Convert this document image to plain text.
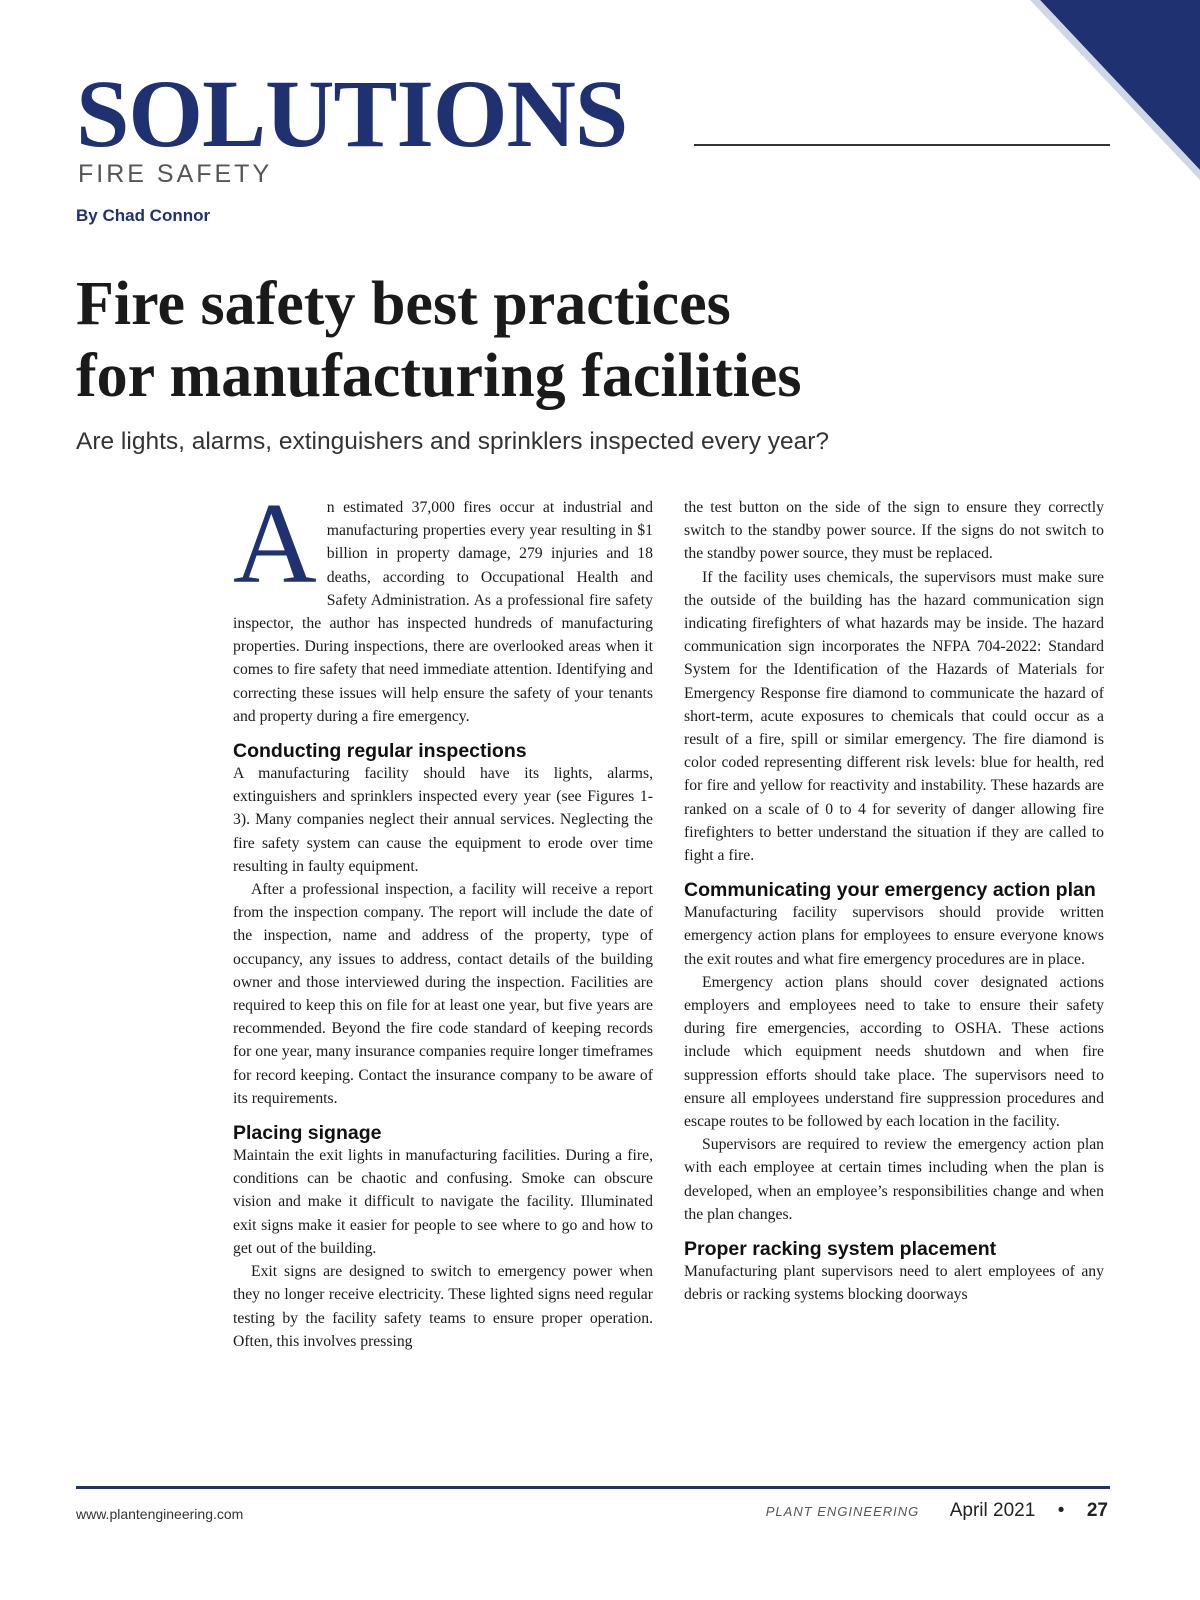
SOLUTIONS
FIRE SAFETY
By Chad Connor
Fire safety best practices
for manufacturing facilities
Are lights, alarms, extinguishers and sprinklers inspected every year?

An estimated 37,000 fires occur at industrial and manufacturing properties every year resulting in $1 billion in property damage, 279 injuries and 18 deaths, according to Occupational Health and Safety Administration. As a professional fire safety inspector, the author has inspected hundreds of manufacturing properties. During inspections, there are overlooked areas when it comes to fire safety that need immediate attention. Identifying and correcting these issues will help ensure the safety of your tenants and property during a fire emergency.

Conducting regular inspections

A manufacturing facility should have its lights, alarms, extinguishers and sprinklers inspected every year (see Figures 1-3). Many companies neglect their annual services. Neglecting the fire safety system can cause the equipment to erode over time resulting in faulty equipment.

After a professional inspection, a facility will receive a report from the inspection company. The report will include the date of the inspection, name and address of the property, type of occupancy, any issues to address, contact details of the building owner and those interviewed during the inspection. Facilities are required to keep this on file for at least one year, but five years are recommended. Beyond the fire code standard of keeping records for one year, many insurance companies require longer timeframes for record keeping. Contact the insurance company to be aware of its requirements.

Placing signage

Maintain the exit lights in manufacturing facilities. During a fire, conditions can be chaotic and confusing. Smoke can obscure vision and make it difficult to navigate the facility. Illuminated exit signs make it easier for people to see where to go and how to get out of the building.

Exit signs are designed to switch to emergency power when they no longer receive electricity. These lighted signs need regular testing by the facility safety teams to ensure proper operation. Often, this involves pressing

the test button on the side of the sign to ensure they correctly switch to the standby power source. If the signs do not switch to the standby power source, they must be replaced.

If the facility uses chemicals, the supervisors must make sure the outside of the building has the hazard communication sign indicating firefighters of what hazards may be inside. The hazard communication sign incorporates the NFPA 704-2022: Standard System for the Identification of the Hazards of Materials for Emergency Response fire diamond to communicate the hazard of short-term, acute exposures to chemicals that could occur as a result of a fire, spill or similar emergency. The fire diamond is color coded representing different risk levels: blue for health, red for fire and yellow for reactivity and instability. These hazards are ranked on a scale of 0 to 4 for severity of danger allowing fire firefighters to better understand the situation if they are called to fight a fire.

Communicating your emergency action plan

Manufacturing facility supervisors should provide written emergency action plans for employees to ensure everyone knows the exit routes and what fire emergency procedures are in place.

Emergency action plans should cover designated actions employers and employees need to take to ensure their safety during fire emergencies, according to OSHA. These actions include which equipment needs shutdown and when fire suppression efforts should take place. The supervisors need to ensure all employees understand fire suppression procedures and escape routes to be followed by each location in the facility.

Supervisors are required to review the emergency action plan with each employee at certain times including when the plan is developed, when an employee’s responsibilities change and when the plan changes.

Proper racking system placement

Manufacturing plant supervisors need to alert employees of any debris or racking systems blocking doorways

www.plantengineering.com	PLANT ENGINEERING April 2021 • 27
